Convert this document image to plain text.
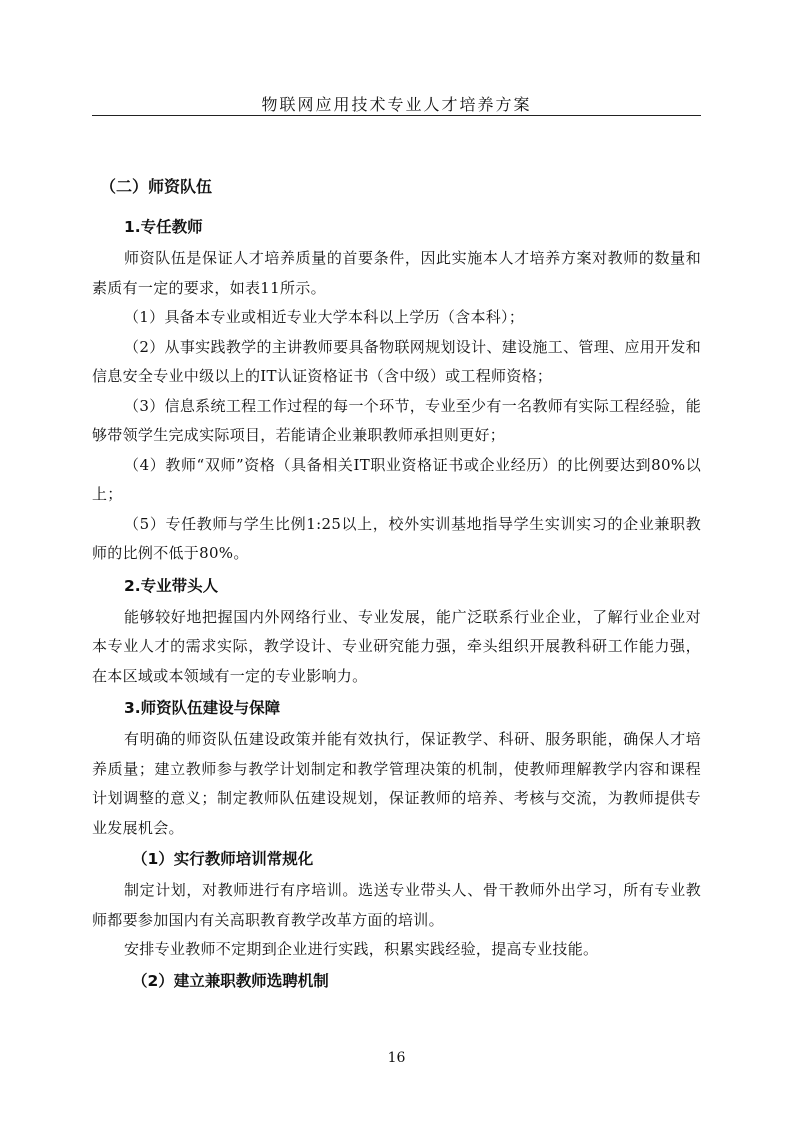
物联网应用技术专业人才培养方案
（二）师资队伍
1.专任教师

师资队伍是保证人才培养质量的首要条件，因此实施本人才培养方案对教师的数量和素质有一定的要求，如表11所示。

（1）具备本专业或相近专业大学本科以上学历（含本科）；

（2）从事实践教学的主讲教师要具备物联网规划设计、建设施工、管理、应用开发和信息安全专业中级以上的IT认证资格证书（含中级）或工程师资格；

（3）信息系统工程工作过程的每一个环节，专业至少有一名教师有实际工程经验，能够带领学生完成实际项目，若能请企业兼职教师承担则更好；

（4）教师“双师”资格（具备相关IT职业资格证书或企业经历）的比例要达到80%以上；

（5）专任教师与学生比例1:25以上，校外实训基地指导学生实训实习的企业兼职教师的比例不低于80%。

2.专业带头人

能够较好地把握国内外网络行业、专业发展，能广泛联系行业企业，了解行业企业对本专业人才的需求实际，教学设计、专业研究能力强，牵头组织开展教科研工作能力强，在本区域或本领域有一定的专业影响力。

3.师资队伍建设与保障

有明确的师资队伍建设政策并能有效执行，保证教学、科研、服务职能，确保人才培养质量；建立教师参与教学计划制定和教学管理决策的机制，使教师理解教学内容和课程计划调整的意义；制定教师队伍建设规划，保证教师的培养、考核与交流，为教师提供专业发展机会。

（1）实行教师培训常规化

制定计划，对教师进行有序培训。选送专业带头人、骨干教师外出学习，所有专业教师都要参加国内有关高职教育教学改革方面的培训。

安排专业教师不定期到企业进行实践，积累实践经验，提高专业技能。

（2）建立兼职教师选聘机制
16
